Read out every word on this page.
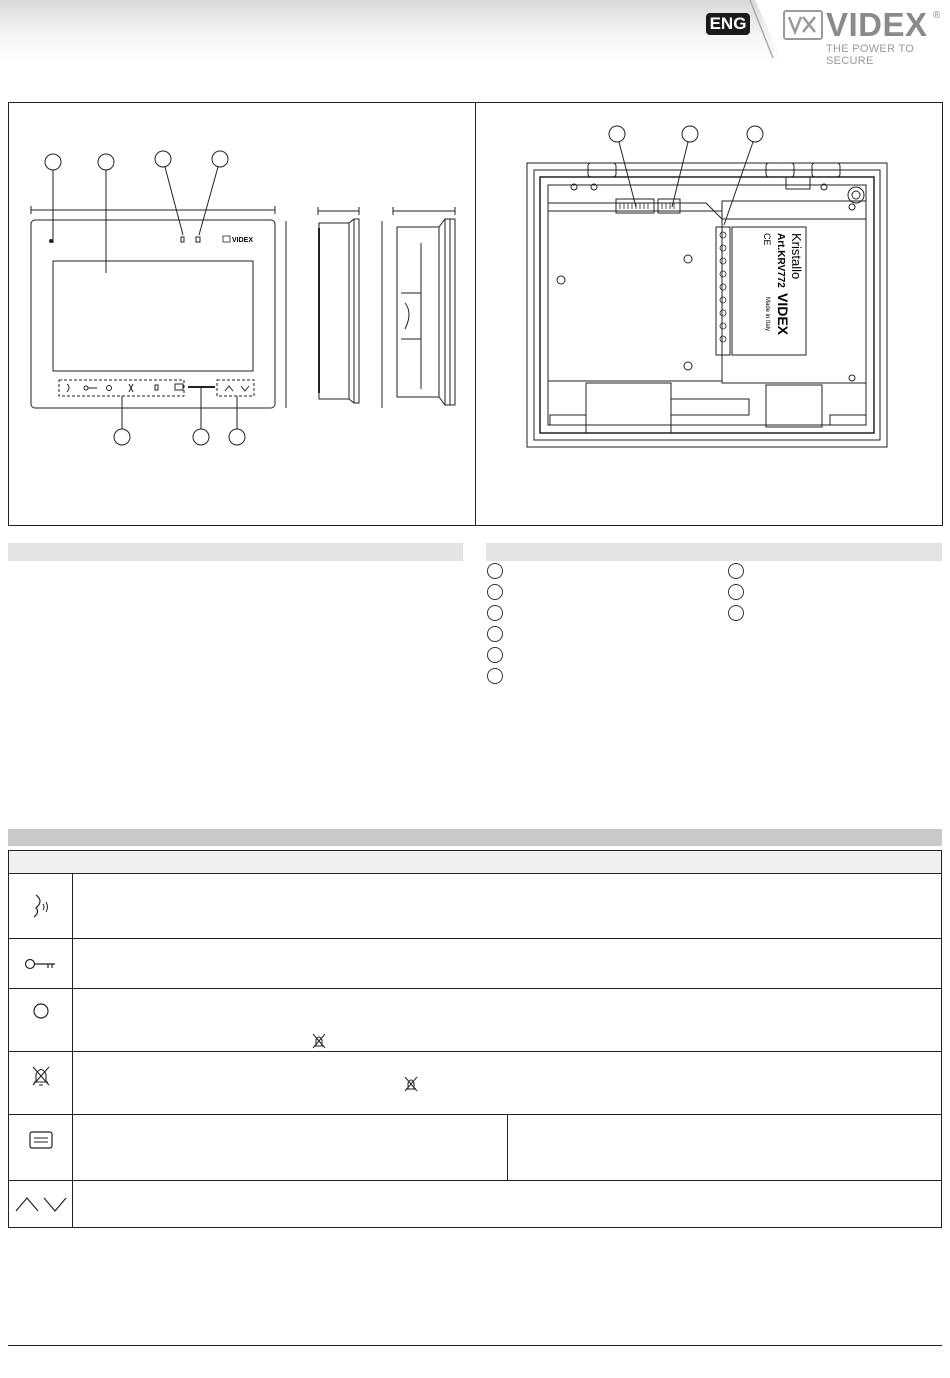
ENG VIDEX ®
THE POWER TO SECURE
VIDEX	Kristallo
Art.KRV772
CE
VIDEX
Made in Italy
